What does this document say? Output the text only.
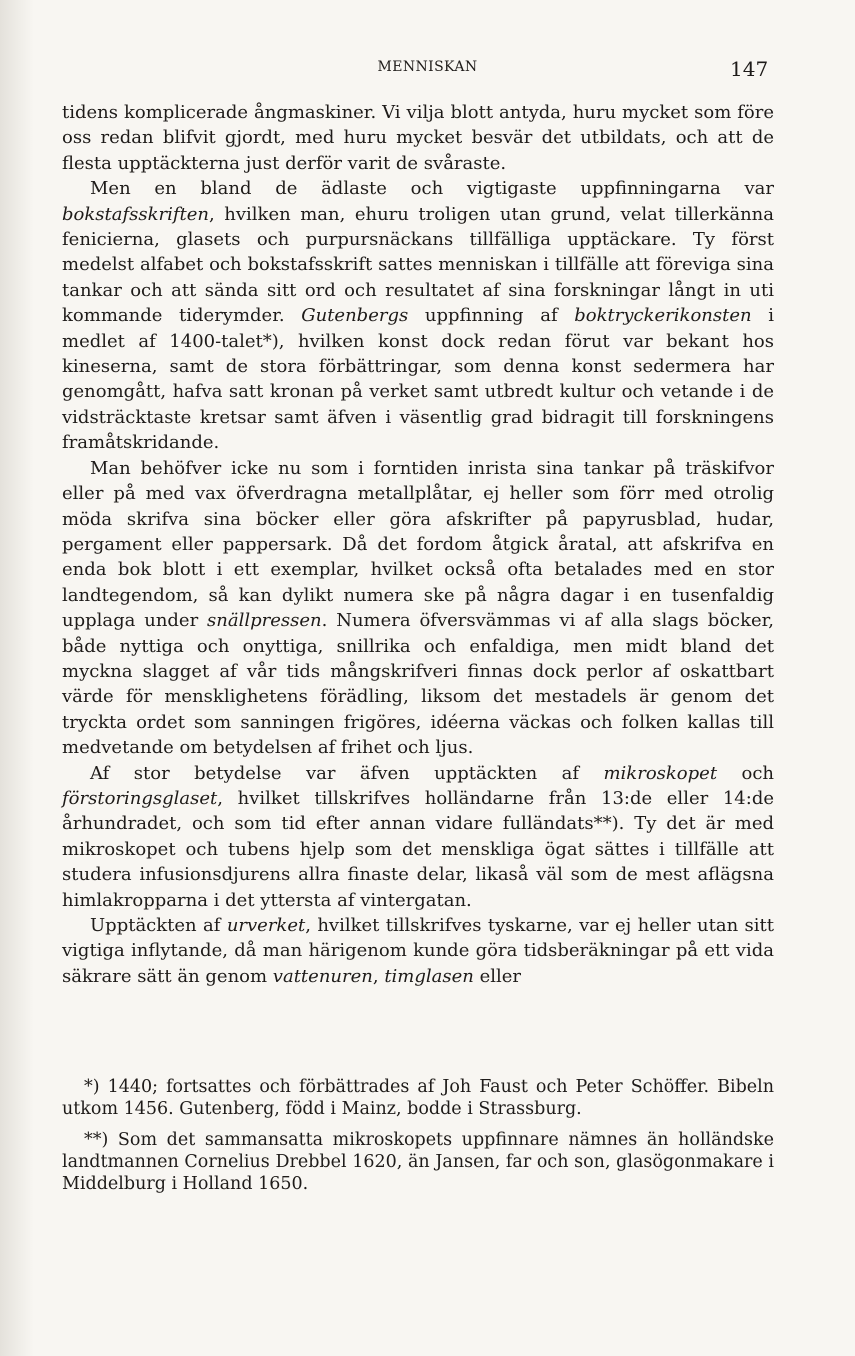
MENNISKAN	147

tidens komplicerade ångmaskiner. Vi vilja blott antyda, huru mycket som före oss redan blifvit gjordt, med huru mycket besvär det utbildats, och att de flesta upptäckterna just derför varit de svåraste.

Men en bland de ädlaste och vigtigaste uppfinningarna var bokstafsskriften, hvilken man, ehuru troligen utan grund, velat tillerkänna fenicierna, glasets och purpursnäckans tillfälliga upptäckare. Ty först medelst alfabet och bokstafsskrift sattes menniskan i tillfälle att föreviga sina tankar och att sända sitt ord och resultatet af sina forskningar långt in uti kommande tiderymder. Gutenbergs uppfinning af boktryckerikonsten i medlet af 1400-talet*), hvilken konst dock redan förut var bekant hos kineserna, samt de stora förbättringar, som denna konst sedermera har genomgått, hafva satt kronan på verket samt utbredt kultur och vetande i de vidsträcktaste kretsar samt äfven i väsentlig grad bidragit till forskningens framåtskridande.

Man behöfver icke nu som i forntiden inrista sina tankar på träskifvor eller på med vax öfverdragna metallplåtar, ej heller som förr med otrolig möda skrifva sina böcker eller göra afskrifter på papyrusblad, hudar, pergament eller pappersark. Då det fordom åtgick åratal, att afskrifva en enda bok blott i ett exemplar, hvilket också ofta betalades med en stor landtegendom, så kan dylikt numera ske på några dagar i en tusenfaldig upplaga under snällpressen. Numera öfversvämmas vi af alla slags böcker, både nyttiga och onyttiga, snillrika och enfaldiga, men midt bland det myckna slagget af vår tids mångskrifveri finnas dock perlor af oskattbart värde för mensklighetens förädling, liksom det mestadels är genom det tryckta ordet som sanningen frigöres, idéerna väckas och folken kallas till medvetande om betydelsen af frihet och ljus.

Af stor betydelse var äfven upptäckten af mikroskopet och förstoringsglaset, hvilket tillskrifves holländarne från 13:de eller 14:de århundradet, och som tid efter annan vidare fulländats**). Ty det är med mikroskopet och tubens hjelp som det menskliga ögat sättes i tillfälle att studera infusionsdjurens allra finaste delar, likaså väl som de mest aflägsna himlakropparna i det yttersta af vintergatan.

Upptäckten af urverket, hvilket tillskrifves tyskarne, var ej heller utan sitt vigtiga inflytande, då man härigenom kunde göra tidsberäkningar på ett vida säkrare sätt än genom vattenuren, timglasen eller

*) 1440; fortsattes och förbättrades af Joh Faust och Peter Schöffer. Bibeln utkom 1456. Gutenberg, född i Mainz, bodde i Strassburg.

**) Som det sammansatta mikroskopets uppfinnare nämnes än holländske landtmannen Cornelius Drebbel 1620, än Jansen, far och son, glasögonmakare i Middelburg i Holland 1650.
